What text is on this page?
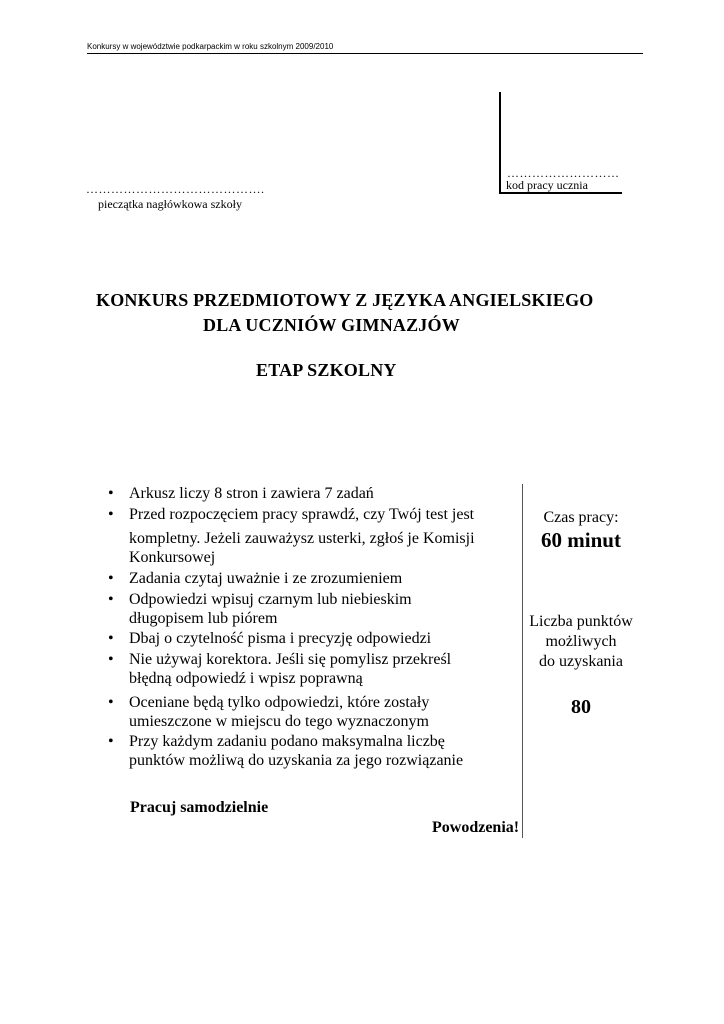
Konkursy w województwie podkarpackim w roku szkolnym 2009/2010
………………………
kod pracy ucznia
…………………………………….
pieczątka nagłówkowa szkoły
KONKURS PRZEDMIOTOWY Z JĘZYKA ANGIELSKIEGO
DLA UCZNIÓW GIMNAZJÓW
ETAP SZKOLNY
• Arkusz liczy 8 stron i zawiera 7 zadań
• Przed rozpoczęciem pracy sprawdź, czy Twój test jest
kompletny. Jeżeli zauważysz usterki, zgłoś je Komisji
Konkursowej
• Zadania czytaj uważnie i ze zrozumieniem
• Odpowiedzi wpisuj czarnym lub niebieskim
długopisem lub piórem
• Dbaj o czytelność pisma i precyzję odpowiedzi
• Nie używaj korektora. Jeśli się pomylisz przekreśl
błędną odpowiedź i wpisz poprawną
• Oceniane będą tylko odpowiedzi, które zostały
umieszczone w miejscu do tego wyznaczonym
• Przy każdym zadaniu podano maksymalna liczbę
punktów możliwą do uzyskania za jego rozwiązanie
Pracuj samodzielnie
Powodzenia!
Czas pracy:
60 minut
Liczba punktów
możliwych
do uzyskania
80
